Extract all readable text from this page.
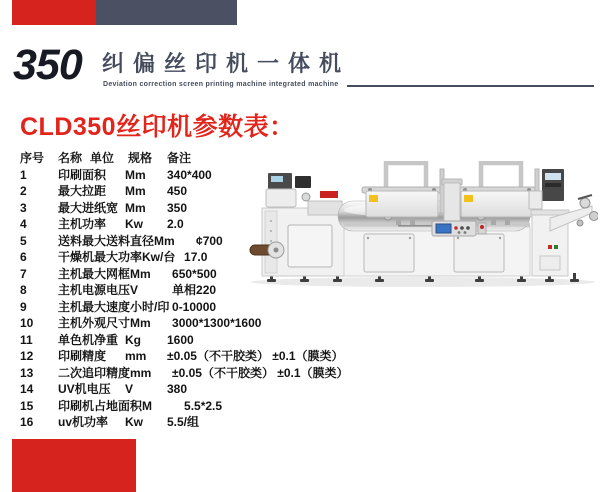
350 纠偏丝印机一体机
Deviation correction screen printing machine integrated machine
CLD350丝印机参数表：
序号	名称 单位	规格	备注
1	印刷面积	Mm	340*400
2	最大拉距	Mm	450
3	最大进纸宽 Mm	350
4	主机功率	Kw	2.0
5	送料最大送料直径 Mm	¢700
6	干燥机最大功率 Kw/台 17.0
7	主机最大网框 Mm	650*500
8	主机电源电压 V	单相220
9	主机最大速度 小时/印 0-10000
10	主机外观尺寸 Mm	3000*1300*1600
11	单色机净重 Kg	1600
12	印刷精度	mm	±0.05（不干胶类） ±0.1（膜类）
13	二次追印精度 mm	±0.05（不干胶类） ±0.1（膜类）
14	UV机电压	V	380
15	印刷机占地面积 M	5.5*2.5
16	uv机功率	Kw	5.5/组
